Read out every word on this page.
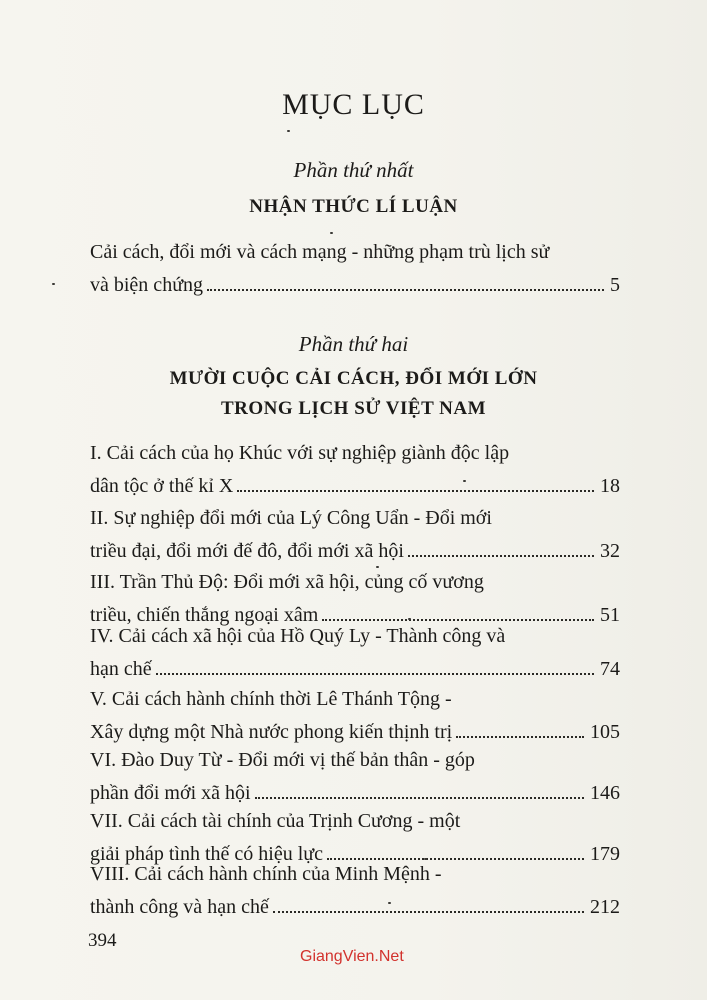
MỤC LỤC
Phần thứ nhất
NHẬN THỨC LÍ LUẬN
Cải cách, đổi mới và cách mạng - những phạm trù lịch sử
và biện chứng	5
Phần thứ hai
MƯỜI CUỘC CẢI CÁCH, ĐỔI MỚI LỚN
TRONG LỊCH SỬ VIỆT NAM
I. Cải cách của họ Khúc với sự nghiệp giành độc lập
dân tộc ở thế kỉ X	18
II. Sự nghiệp đổi mới của Lý Công Uẩn - Đổi mới
triều đại, đổi mới đế đô, đổi mới xã hội	32
III. Trần Thủ Độ: Đổi mới xã hội, củng cố vương
triều, chiến thắng ngoại xâm	51
IV. Cải cách xã hội của Hồ Quý Ly - Thành công và
hạn chế	74
V. Cải cách hành chính thời Lê Thánh Tộng -
Xây dựng một Nhà nước phong kiến thịnh trị	105
VI. Đào Duy Từ - Đổi mới vị thế bản thân - góp
phần đổi mới xã hội	146
VII. Cải cách tài chính của Trịnh Cương - một
giải pháp tình thế có hiệu lực	179
VIII. Cải cách hành chính của Minh Mệnh -
thành công và hạn chế	212
394
GiangVien.Net
